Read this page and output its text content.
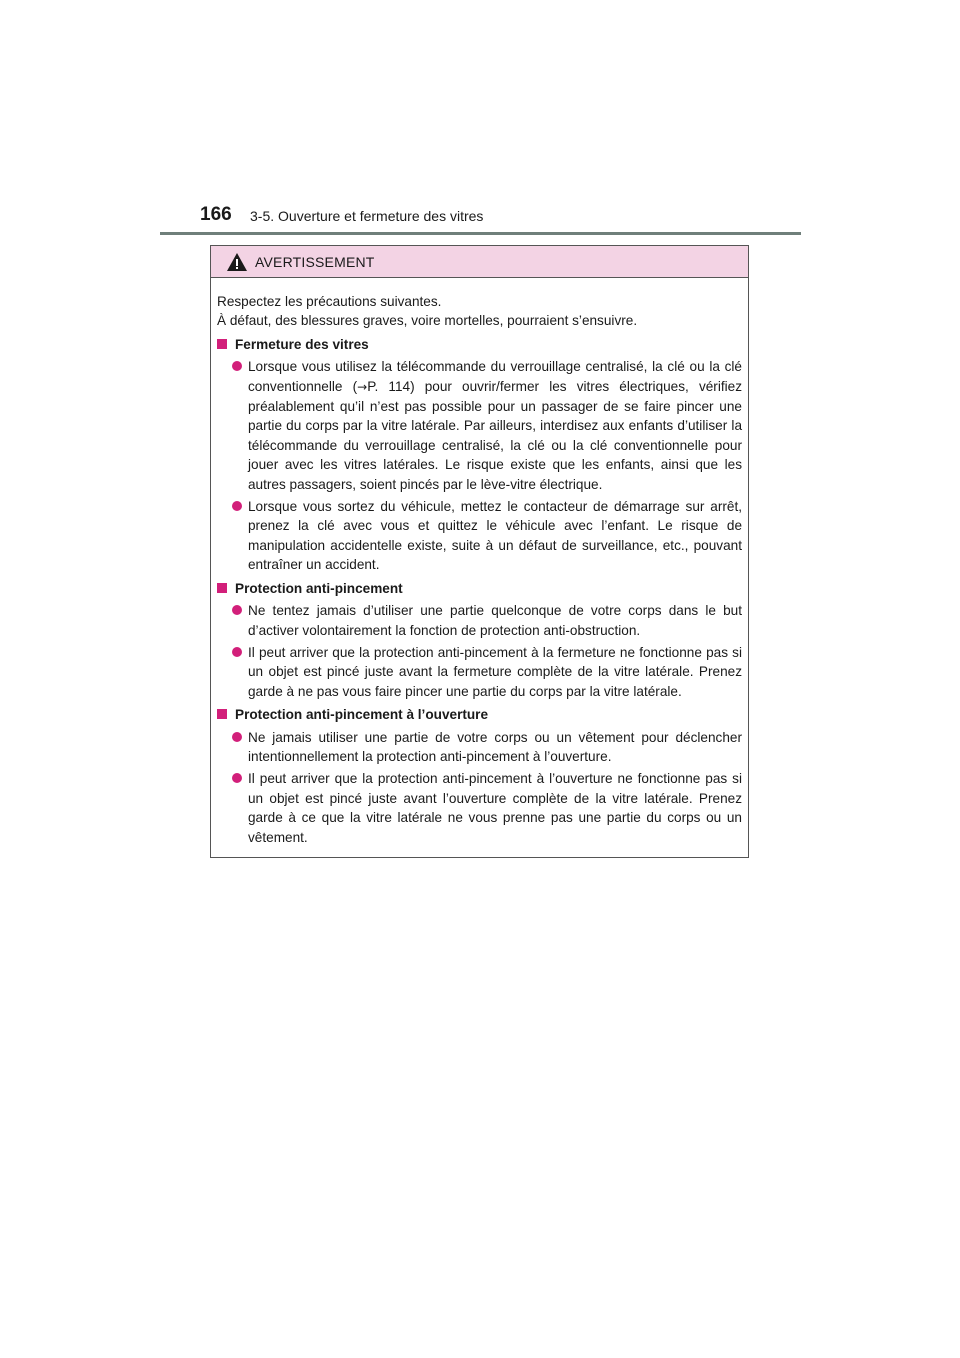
166 3-5. Ouverture et fermeture des vitres
AVERTISSEMENT

Respectez les précautions suivantes.

À défaut, des blessures graves, voire mortelles, pourraient s’ensuivre.

Fermeture des vitres
Lorsque vous utilisez la télécommande du verrouillage centralisé, la clé ou la clé conventionnelle (→P. 114) pour ouvrir/fermer les vitres électriques, vérifiez préalablement qu’il n’est pas possible pour un passager de se faire pincer une partie du corps par la vitre latérale. Par ailleurs, interdisez aux enfants d’utiliser la télécommande du verrouillage centralisé, la clé ou la clé conventionnelle pour jouer avec les vitres latérales. Le risque existe que les enfants, ainsi que les autres passagers, soient pincés par le lève-vitre électrique.
Lorsque vous sortez du véhicule, mettez le contacteur de démarrage sur arrêt, prenez la clé avec vous et quittez le véhicule avec l’enfant. Le risque de manipulation accidentelle existe, suite à un défaut de surveillance, etc., pouvant entraîner un accident.
Protection anti-pincement
Ne tentez jamais d’utiliser une partie quelconque de votre corps dans le but d’activer volontairement la fonction de protection anti-obstruction.
Il peut arriver que la protection anti-pincement à la fermeture ne fonctionne pas si un objet est pincé juste avant la fermeture complète de la vitre latérale. Prenez garde à ne pas vous faire pincer une partie du corps par la vitre latérale.
Protection anti-pincement à l’ouverture
Ne jamais utiliser une partie de votre corps ou un vêtement pour déclencher intentionnellement la protection anti-pincement à l’ouverture.
Il peut arriver que la protection anti-pincement à l’ouverture ne fonctionne pas si un objet est pincé juste avant l’ouverture complète de la vitre latérale. Prenez garde à ce que la vitre latérale ne vous prenne pas une partie du corps ou un vêtement.
